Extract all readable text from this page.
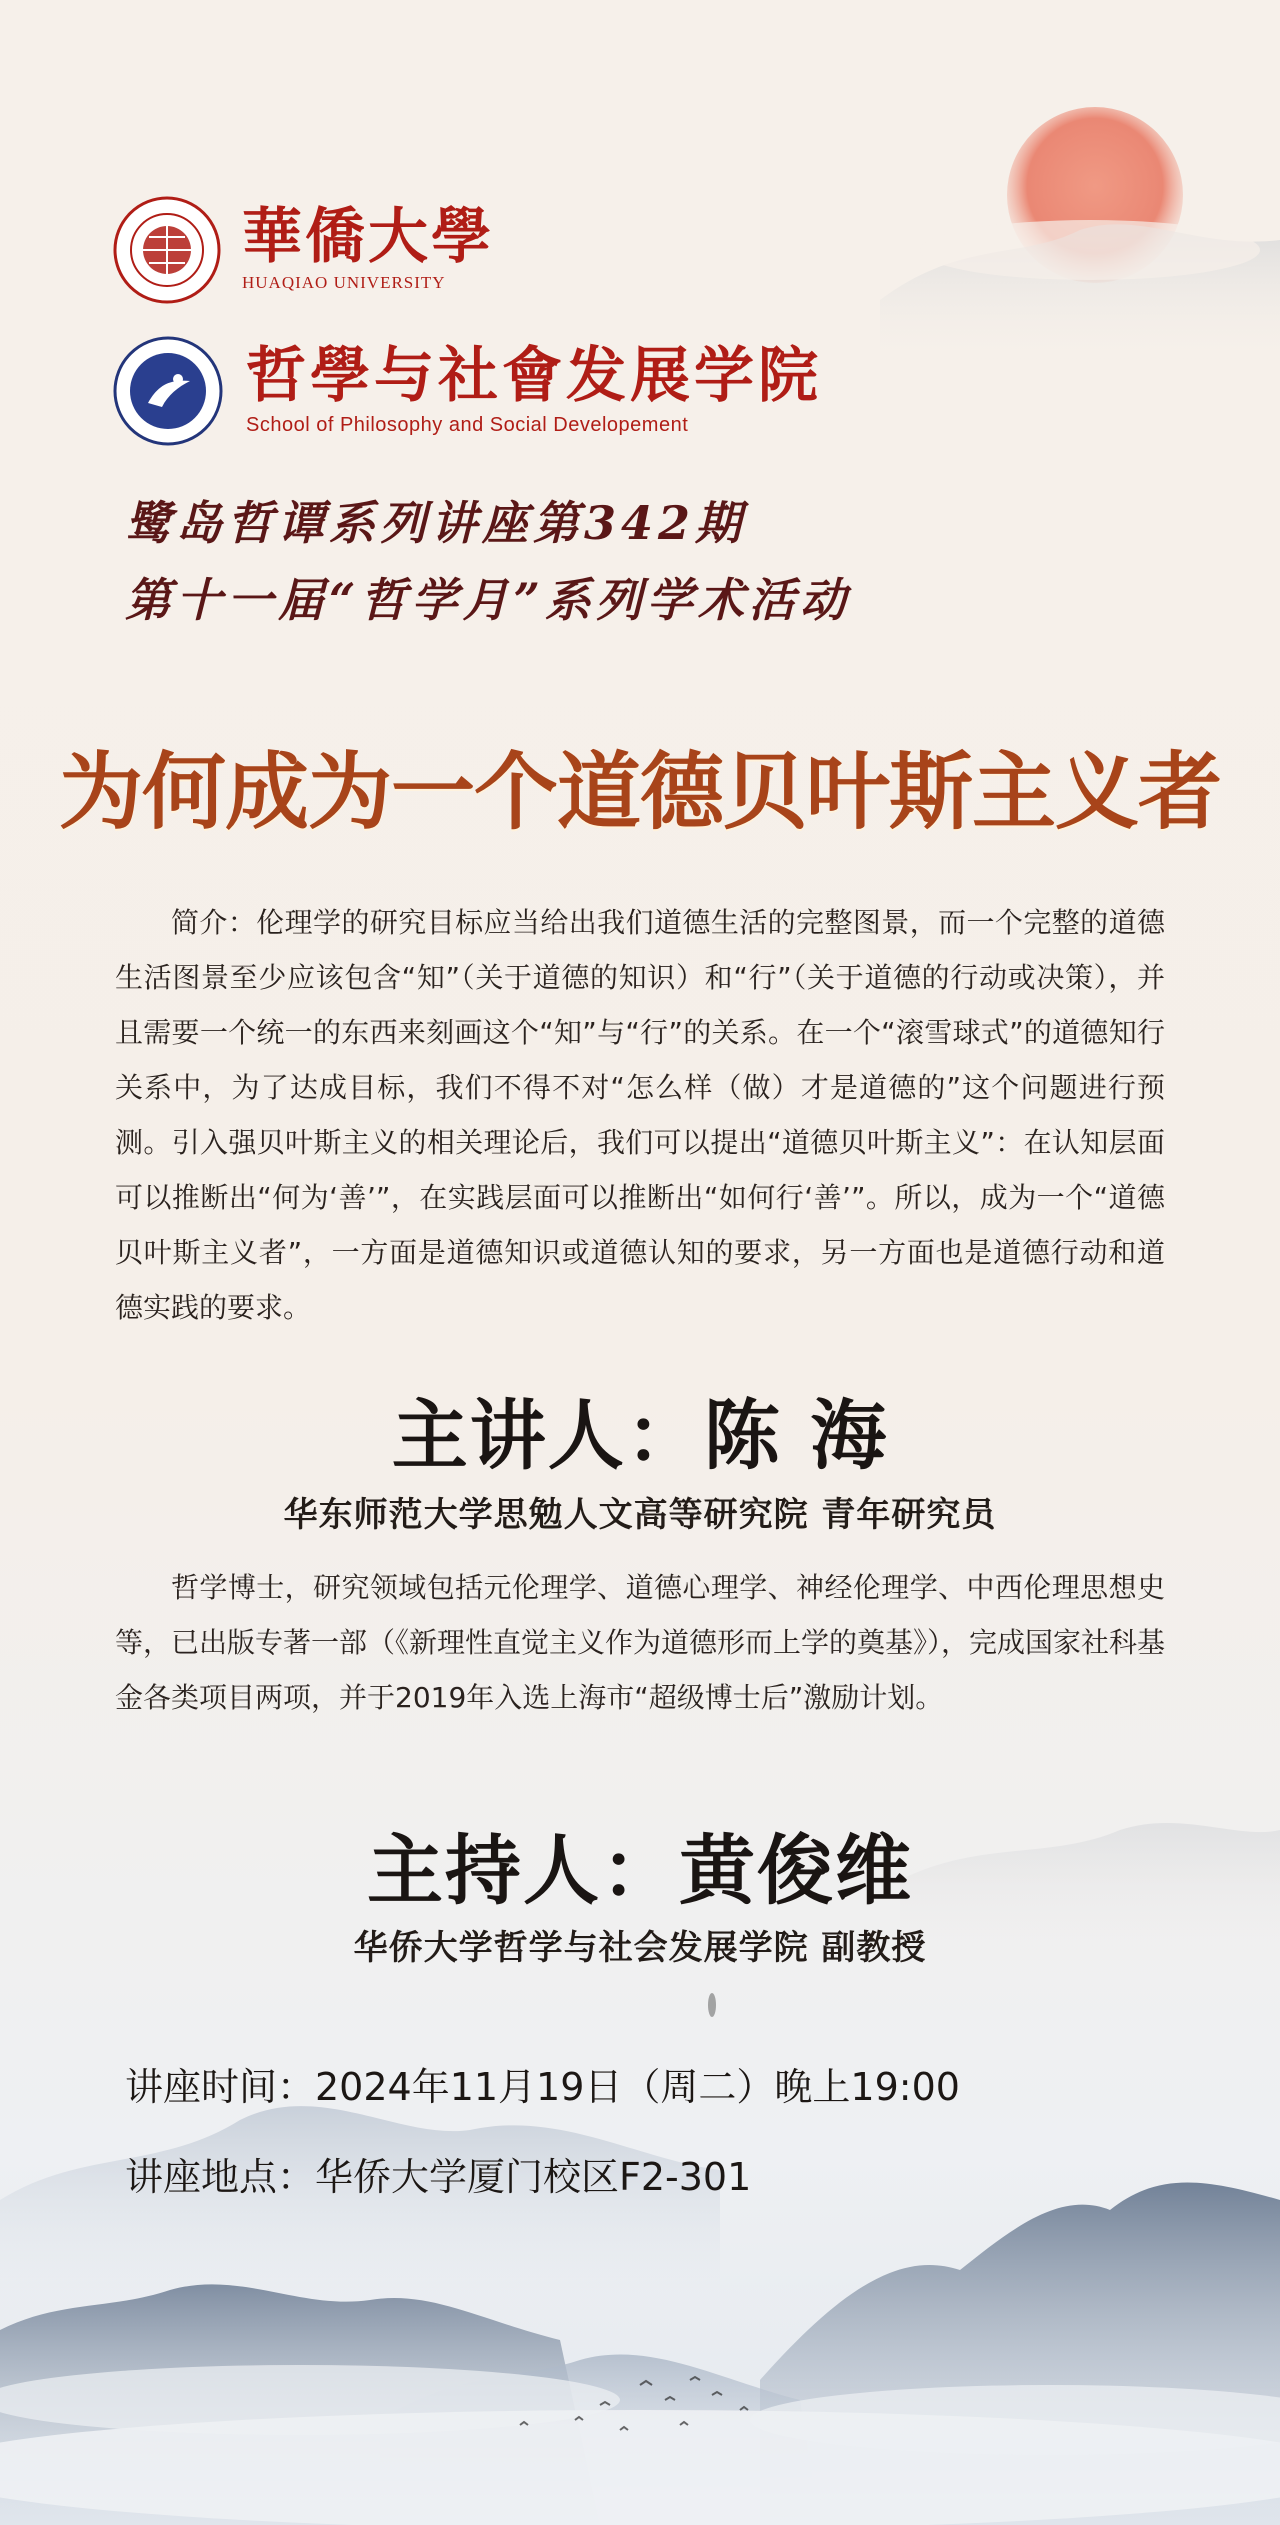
華僑大學
HUAQIAO UNIVERSITY
哲學与社會发展学院
School of Philosophy and Social Developement
鹭岛哲谭系列讲座第342期
第十一届“哲学月”系列学术活动
为何成为一个道德贝叶斯主义者

简介：伦理学的研究目标应当给出我们道德生活的完整图景，而一个完整的道德生活图景至少应该包含“知”（关于道德的知识）和“行”（关于道德的行动或决策），并且需要一个统一的东西来刻画这个“知”与“行”的关系。在一个“滚雪球式”的道德知行关系中，为了达成目标，我们不得不对“怎么样（做）才是道德的”这个问题进行预测。引入强贝叶斯主义的相关理论后，我们可以提出“道德贝叶斯主义”：在认知层面可以推断出“何为‘善’”，在实践层面可以推断出“如何行‘善’”。所以，成为一个“道德贝叶斯主义者”，一方面是道德知识或道德认知的要求，另一方面也是道德行动和道德实践的要求。

主讲人：陈 海
华东师范大学思勉人文高等研究院 青年研究员

哲学博士，研究领域包括元伦理学、道德心理学、神经伦理学、中西伦理思想史等，已出版专著一部（《新理性直觉主义作为道德形而上学的奠基》），完成国家社科基金各类项目两项，并于2019年入选上海市“超级博士后”激励计划。

主持人：黄俊维
华侨大学哲学与社会发展学院 副教授
讲座时间：2024年11月19日（周二）晚上19:00
讲座地点：华侨大学厦门校区F2-301
